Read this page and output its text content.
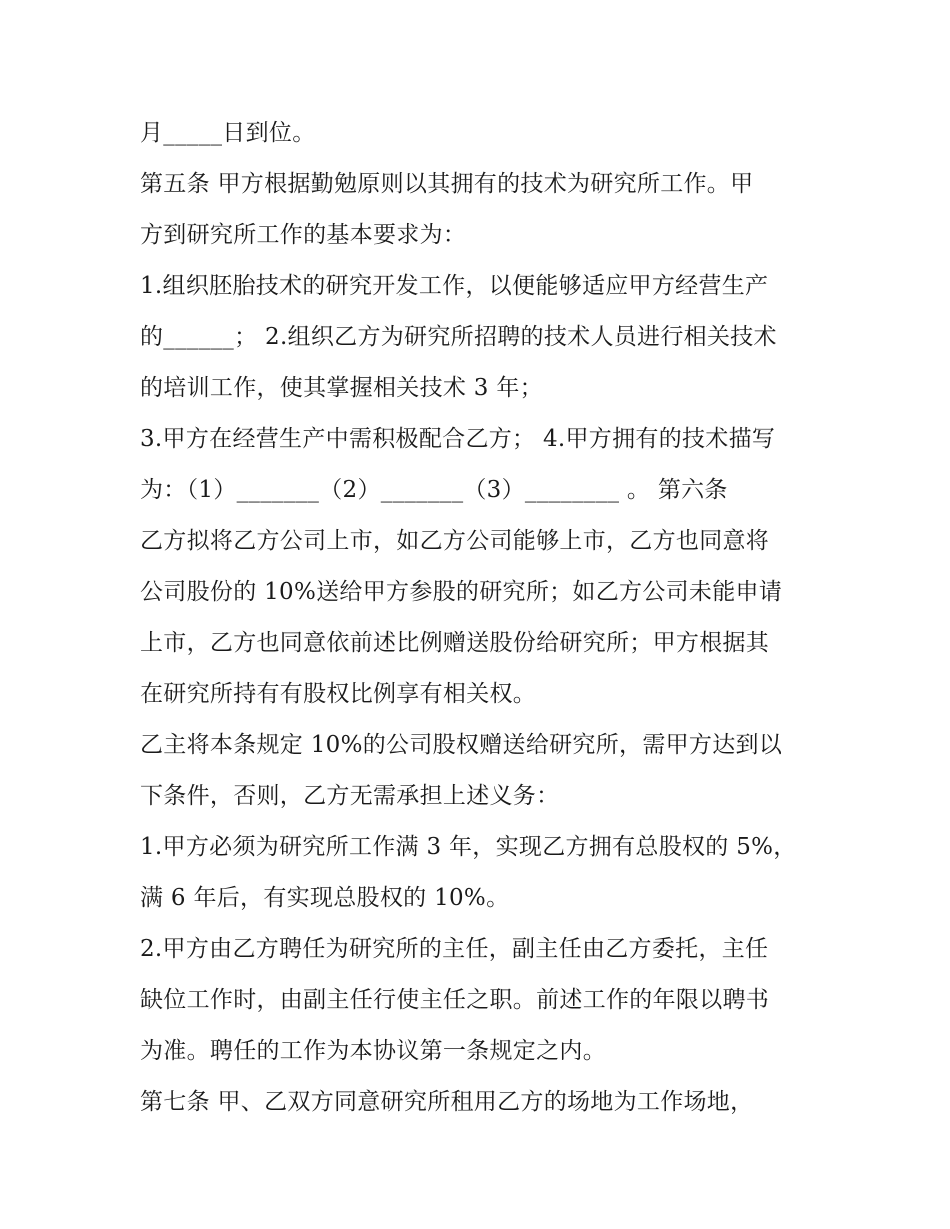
月_____日到位。
第五条 甲方根据勤勉原则以其拥有的技术为研究所工作。甲
方到研究所工作的基本要求为：
1.组织胚胎技术的研究开发工作，以便能够适应甲方经营生产
的______； 2.组织乙方为研究所招聘的技术人员进行相关技术
的培训工作，使其掌握相关技术 3 年；
3.甲方在经营生产中需积极配合乙方； 4.甲方拥有的技术描写
为：（1）_______（2）_______（3）________ 。 第六条
乙方拟将乙方公司上市，如乙方公司能够上市，乙方也同意将
公司股份的 10%送给甲方参股的研究所；如乙方公司未能申请
上市，乙方也同意依前述比例赠送股份给研究所；甲方根据其
在研究所持有有股权比例享有相关权。
乙主将本条规定 10%的公司股权赠送给研究所，需甲方达到以
下条件，否则，乙方无需承担上述义务：
1.甲方必须为研究所工作满 3 年，实现乙方拥有总股权的 5%，
满 6 年后，有实现总股权的 10%。
2.甲方由乙方聘任为研究所的主任，副主任由乙方委托，主任
缺位工作时，由副主任行使主任之职。前述工作的年限以聘书
为准。聘任的工作为本协议第一条规定之内。
第七条 甲、乙双方同意研究所租用乙方的场地为工作场地，
